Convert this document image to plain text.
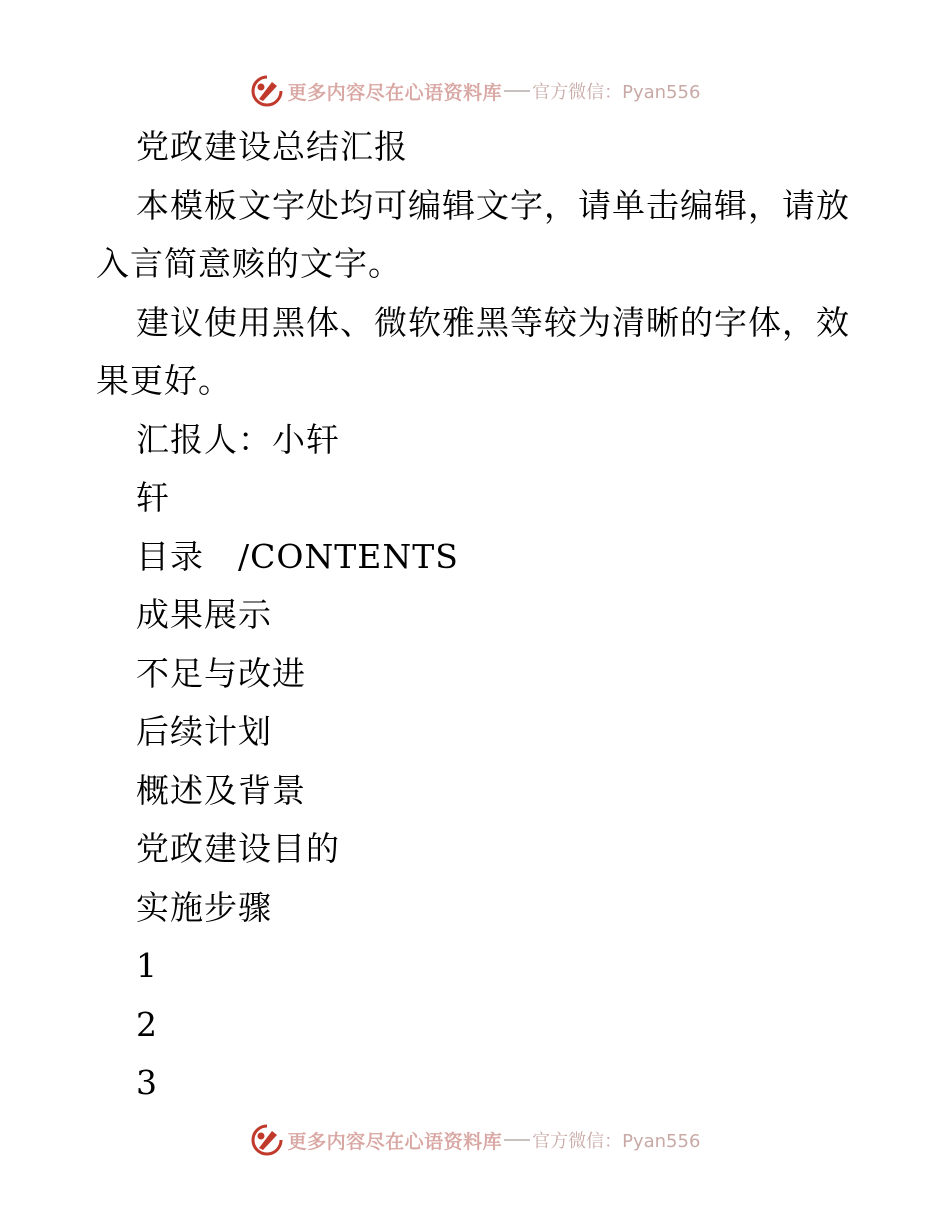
更多内容尽在心语资料库 官方微信：Pyan556
党政建设总结汇报
本模板文字处均可编辑文字，请单击编辑，请放
入言简意赅的文字。
建议使用黑体、微软雅黑等较为清晰的字体，效
果更好。
汇报人：小轩
轩
目录　/CONTENTS
成果展示
不足与改进
后续计划
概述及背景
党政建设目的
实施步骤
1
2
3
更多内容尽在心语资料库 官方微信：Pyan556
